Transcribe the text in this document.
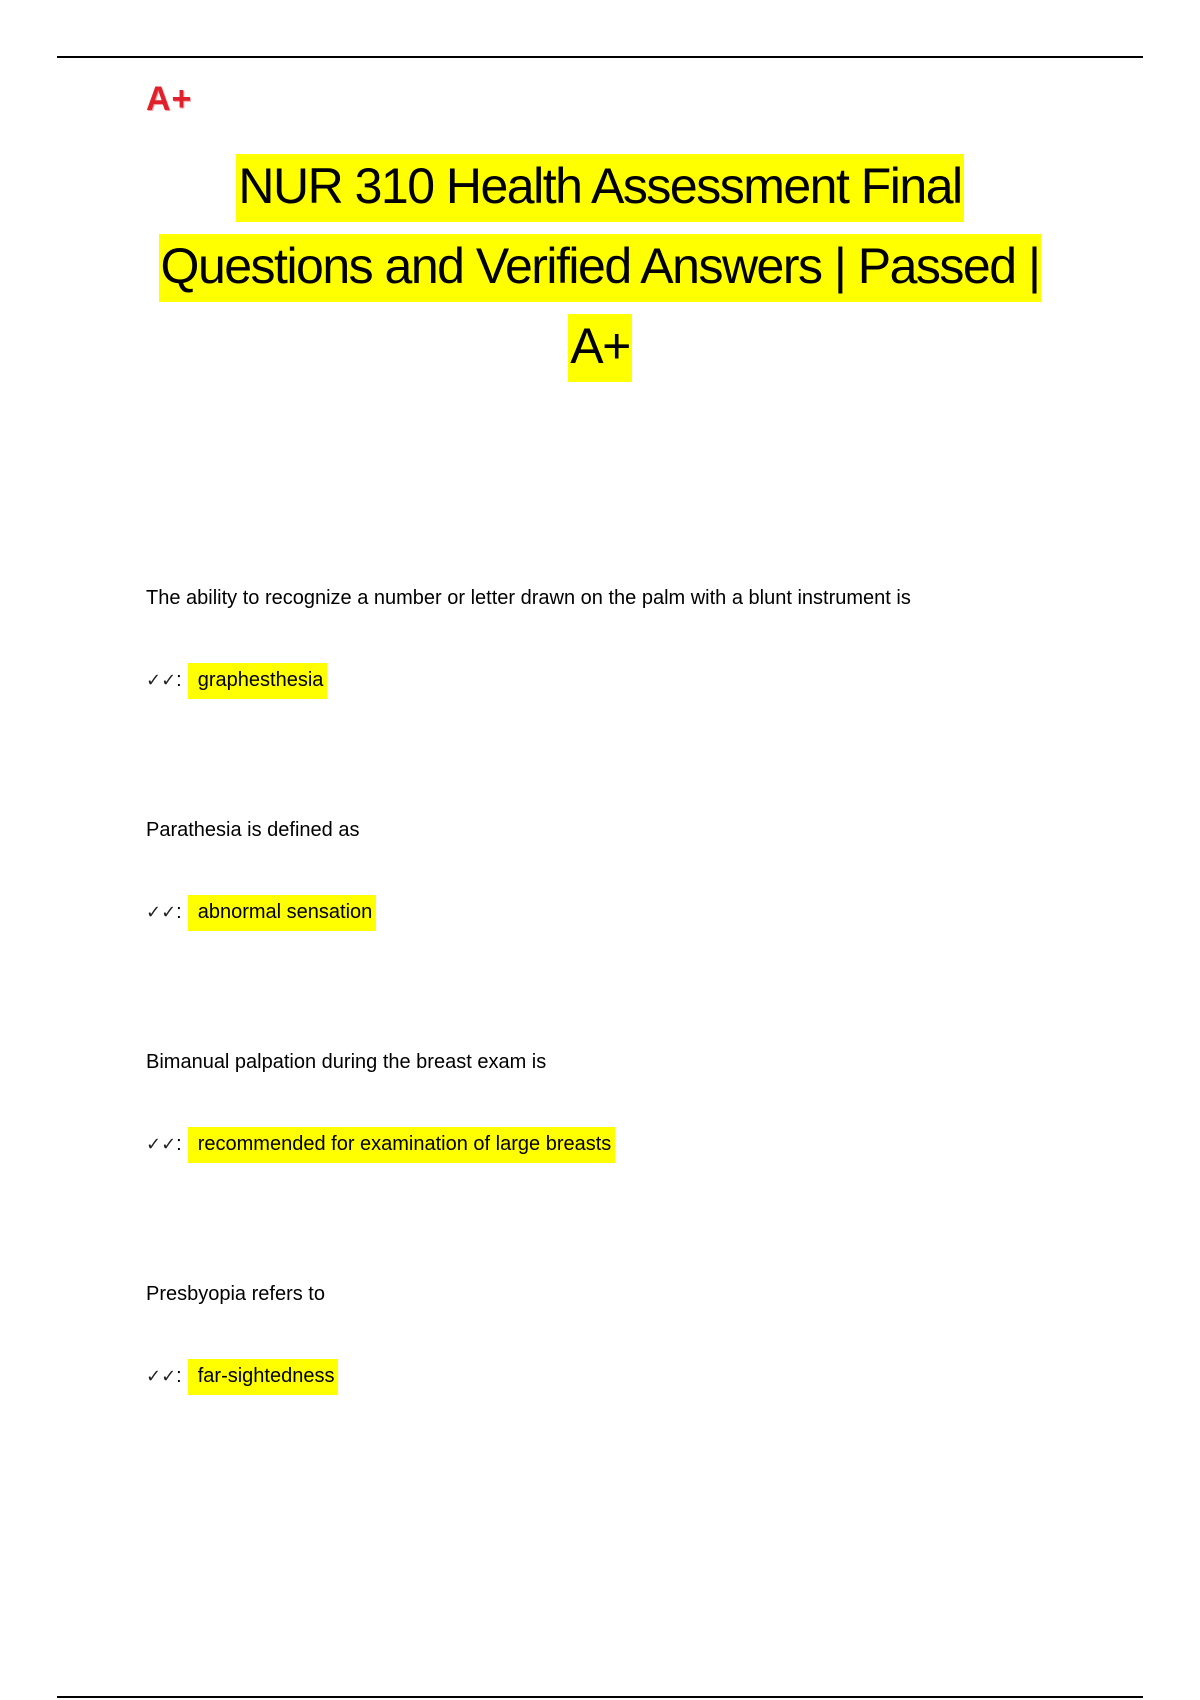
A+
NUR 310 Health Assessment Final
Questions and Verified Answers | Passed |
A+
The ability to recognize a number or letter drawn on the palm with a blunt instrument is
✓✓: graphesthesia
Parathesia is defined as
✓✓: abnormal sensation
Bimanual palpation during the breast exam is
✓✓: recommended for examination of large breasts
Presbyopia refers to
✓✓: far-sightedness
